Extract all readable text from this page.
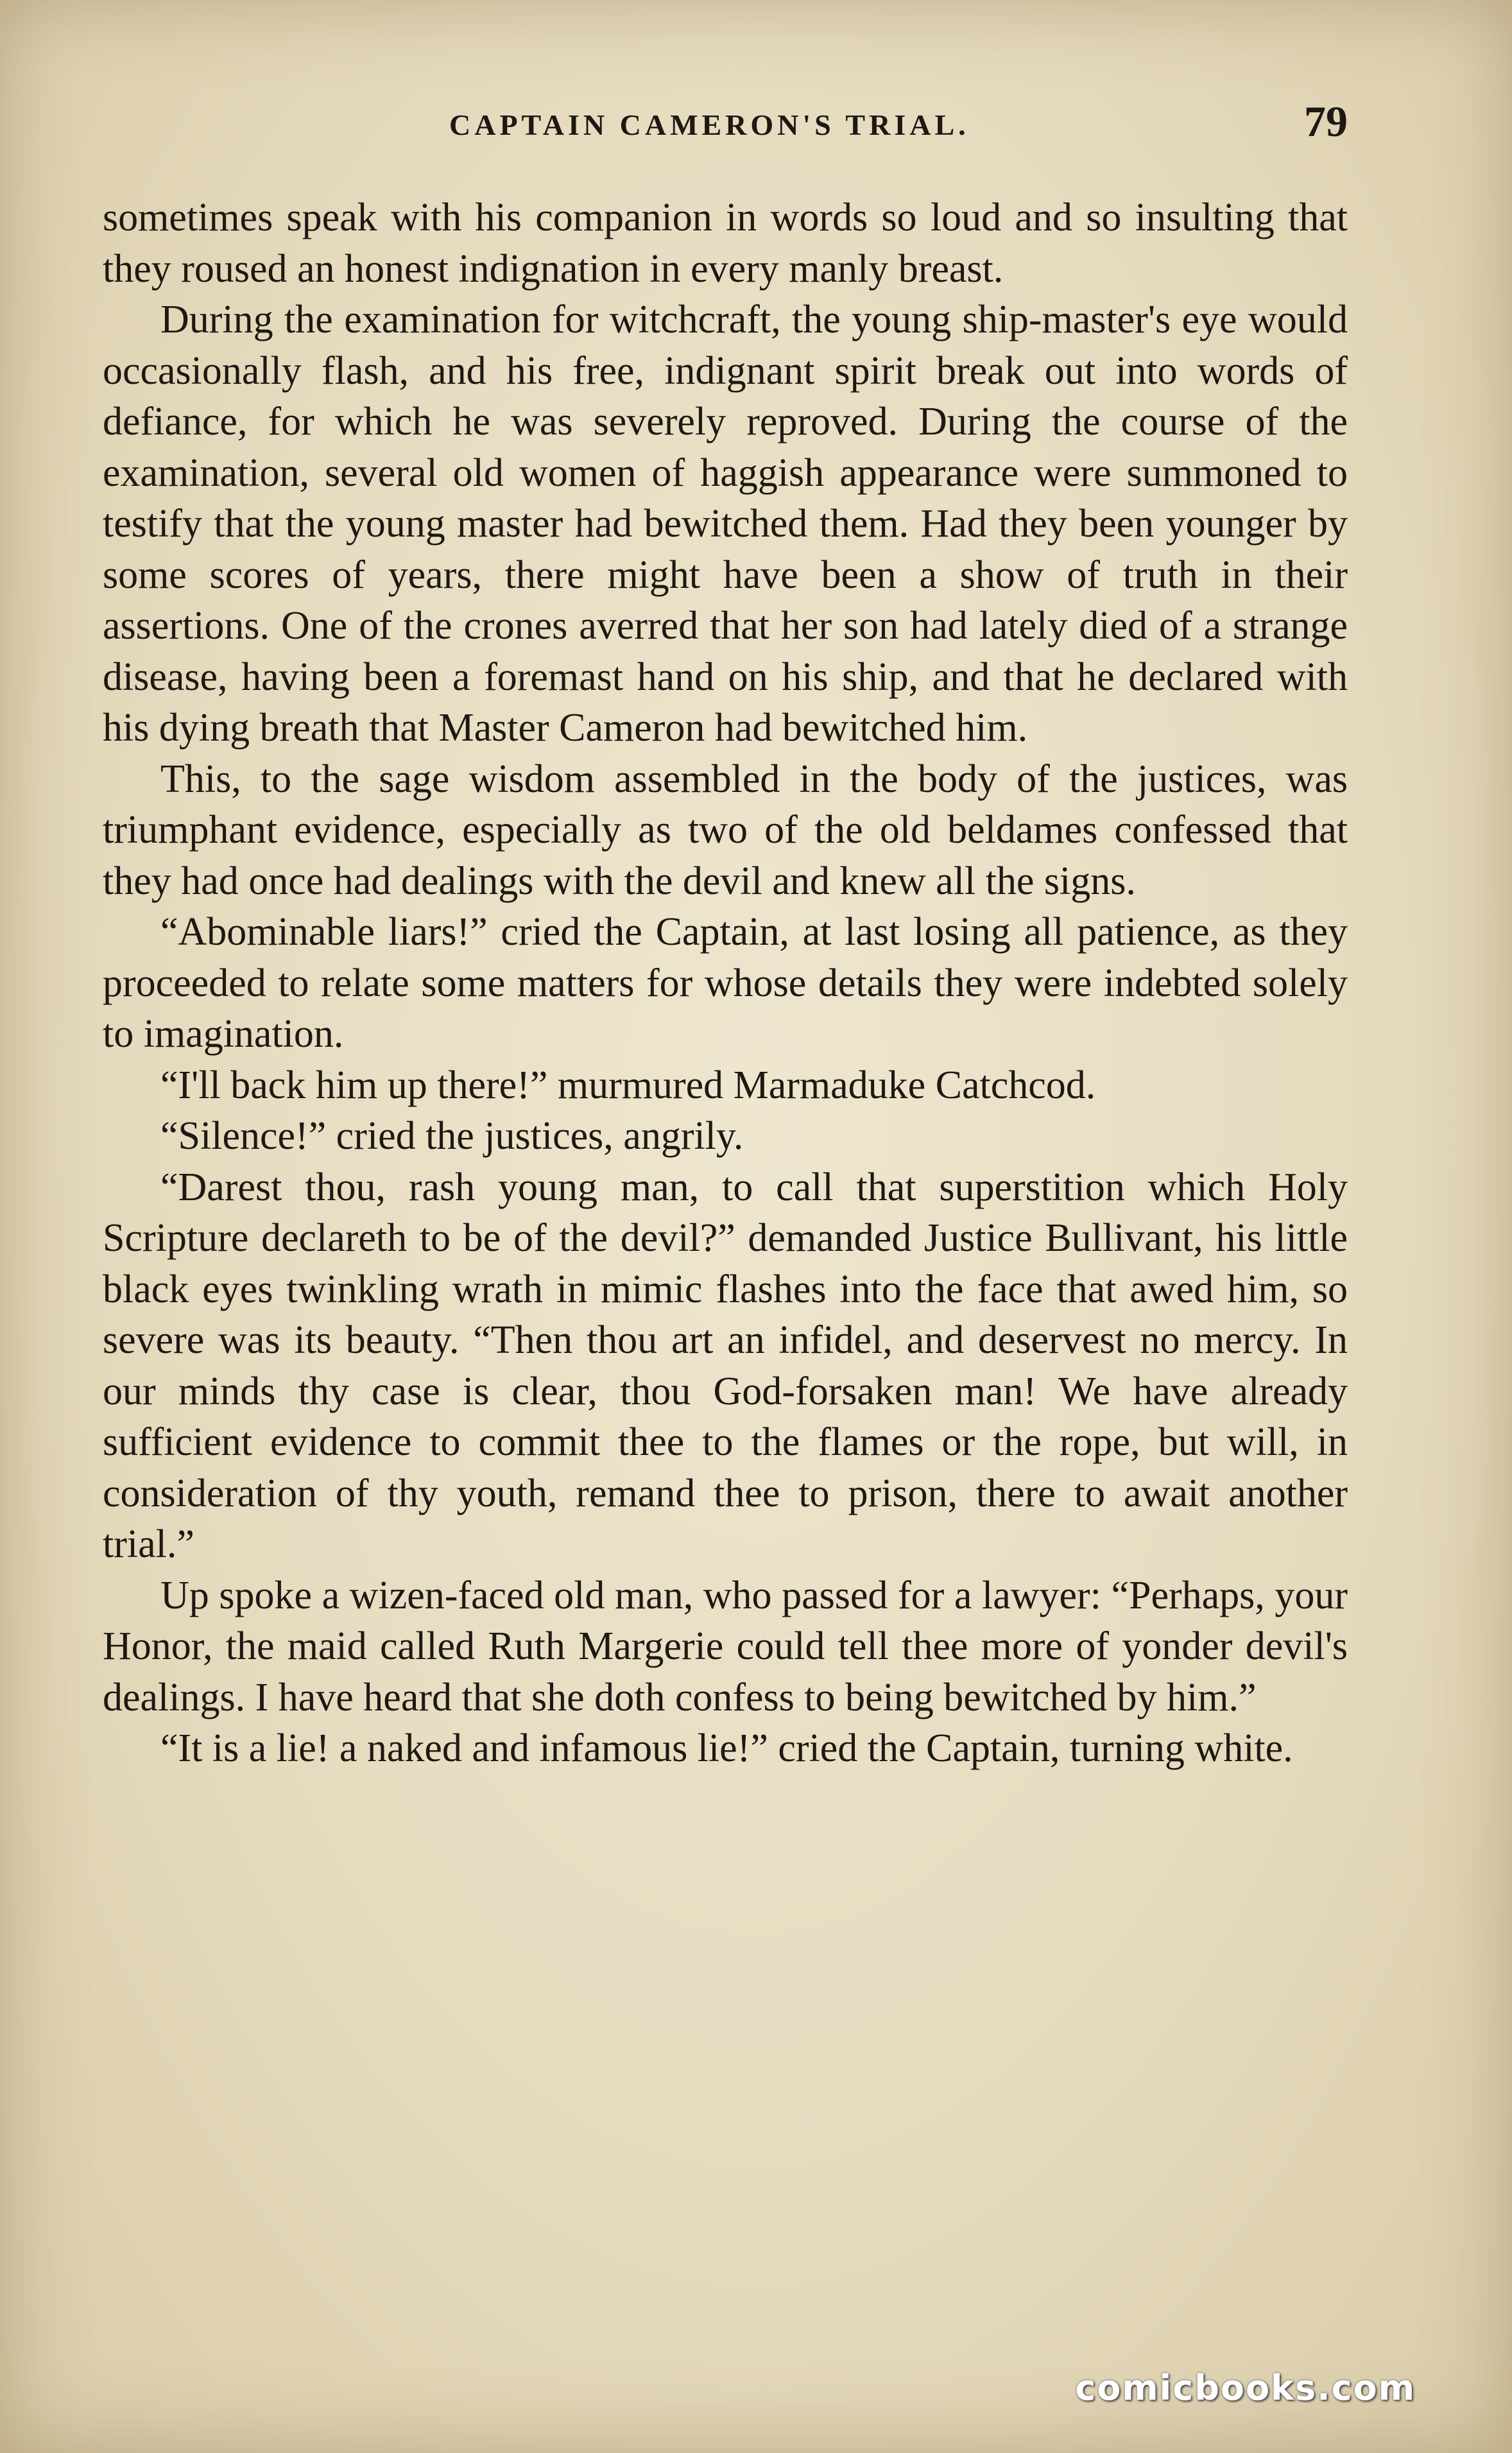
CAPTAIN CAMERON'S TRIAL.	79

sometimes speak with his companion in words so loud and so insulting that they roused an honest indignation in every manly breast.

During the examination for witchcraft, the young ship-master's eye would occasionally flash, and his free, indignant spirit break out into words of defiance, for which he was severely reproved. During the course of the examination, several old women of haggish appearance were summoned to testify that the young master had bewitched them. Had they been younger by some scores of years, there might have been a show of truth in their assertions. One of the crones averred that her son had lately died of a strange disease, having been a foremast hand on his ship, and that he declared with his dying breath that Master Cameron had bewitched him.

This, to the sage wisdom assembled in the body of the justices, was triumphant evidence, especially as two of the old beldames confessed that they had once had dealings with the devil and knew all the signs.

“Abominable liars!” cried the Captain, at last losing all patience, as they proceeded to relate some matters for whose details they were indebted solely to imagination.

“I'll back him up there!” murmured Marmaduke Catchcod.

“Silence!” cried the justices, angrily.

“Darest thou, rash young man, to call that superstition which Holy Scripture declareth to be of the devil?” demanded Justice Bullivant, his little black eyes twinkling wrath in mimic flashes into the face that awed him, so severe was its beauty. “Then thou art an infidel, and deservest no mercy. In our minds thy case is clear, thou God-forsaken man! We have already sufficient evidence to commit thee to the flames or the rope, but will, in consideration of thy youth, remand thee to prison, there to await another trial.”

Up spoke a wizen-faced old man, who passed for a lawyer: “Perhaps, your Honor, the maid called Ruth Margerie could tell thee more of yonder devil's dealings. I have heard that she doth confess to being bewitched by him.”

“It is a lie! a naked and infamous lie!” cried the Captain, turning white.

comicbooks.com
